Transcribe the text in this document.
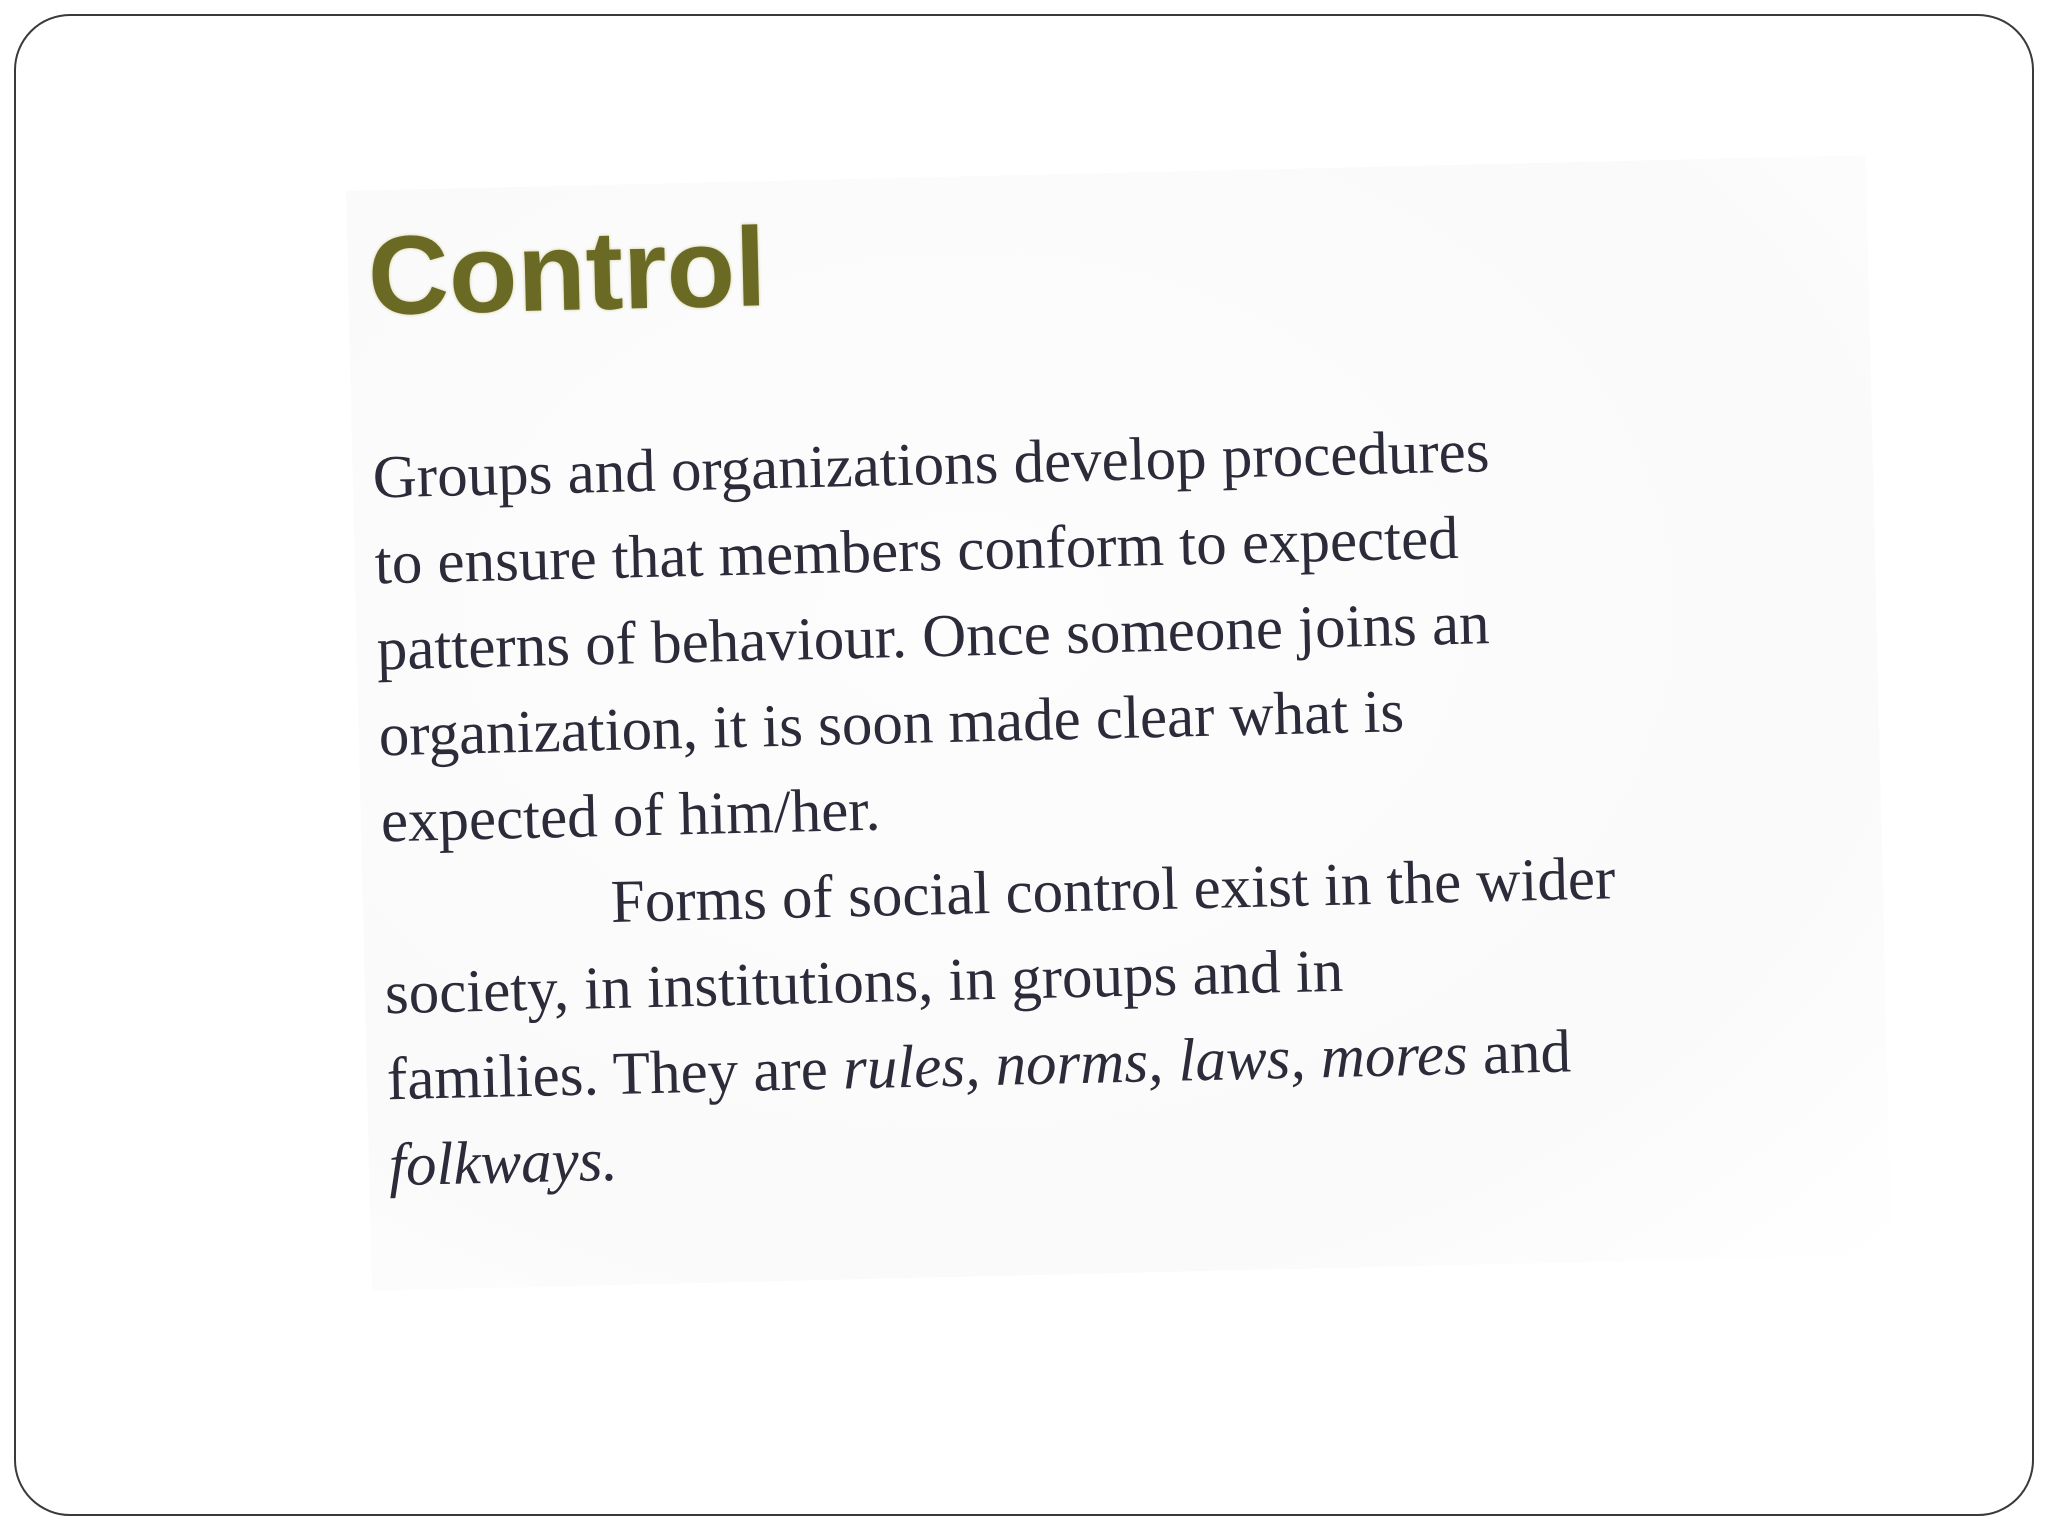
Control

Groups and organizations develop procedures
to ensure that members conform to expected
patterns of behaviour. Once someone joins an
organization, it is soon made clear what is
expected of him/her.

Forms of social control exist in the wider
society, in institutions, in groups and in
families. They are rules, norms, laws, mores and
folkways.
